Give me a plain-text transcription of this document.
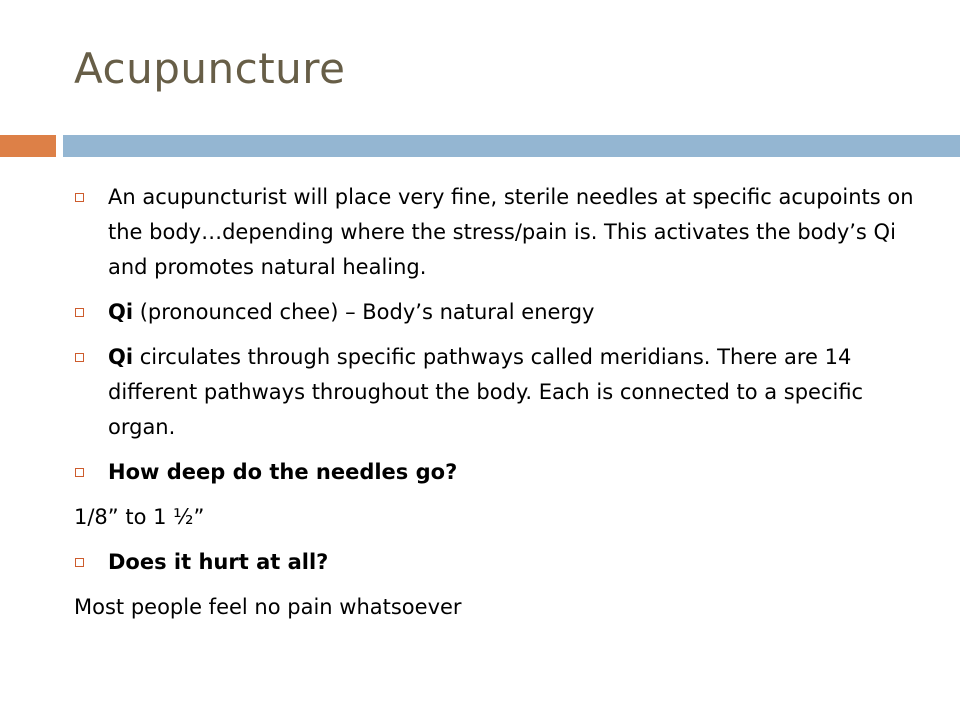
Acupuncture
An acupuncturist will place very fine, sterile needles at specific acupoints on the body…depending where the stress/pain is. This activates the body’s Qi and promotes natural healing.
Qi (pronounced chee) – Body’s natural energy
Qi circulates through specific pathways called meridians. There are 14 different pathways throughout the body. Each is connected to a specific organ.
How deep do the needles go?
1/8” to 1 ½”
Does it hurt at all?
Most people feel no pain whatsoever
